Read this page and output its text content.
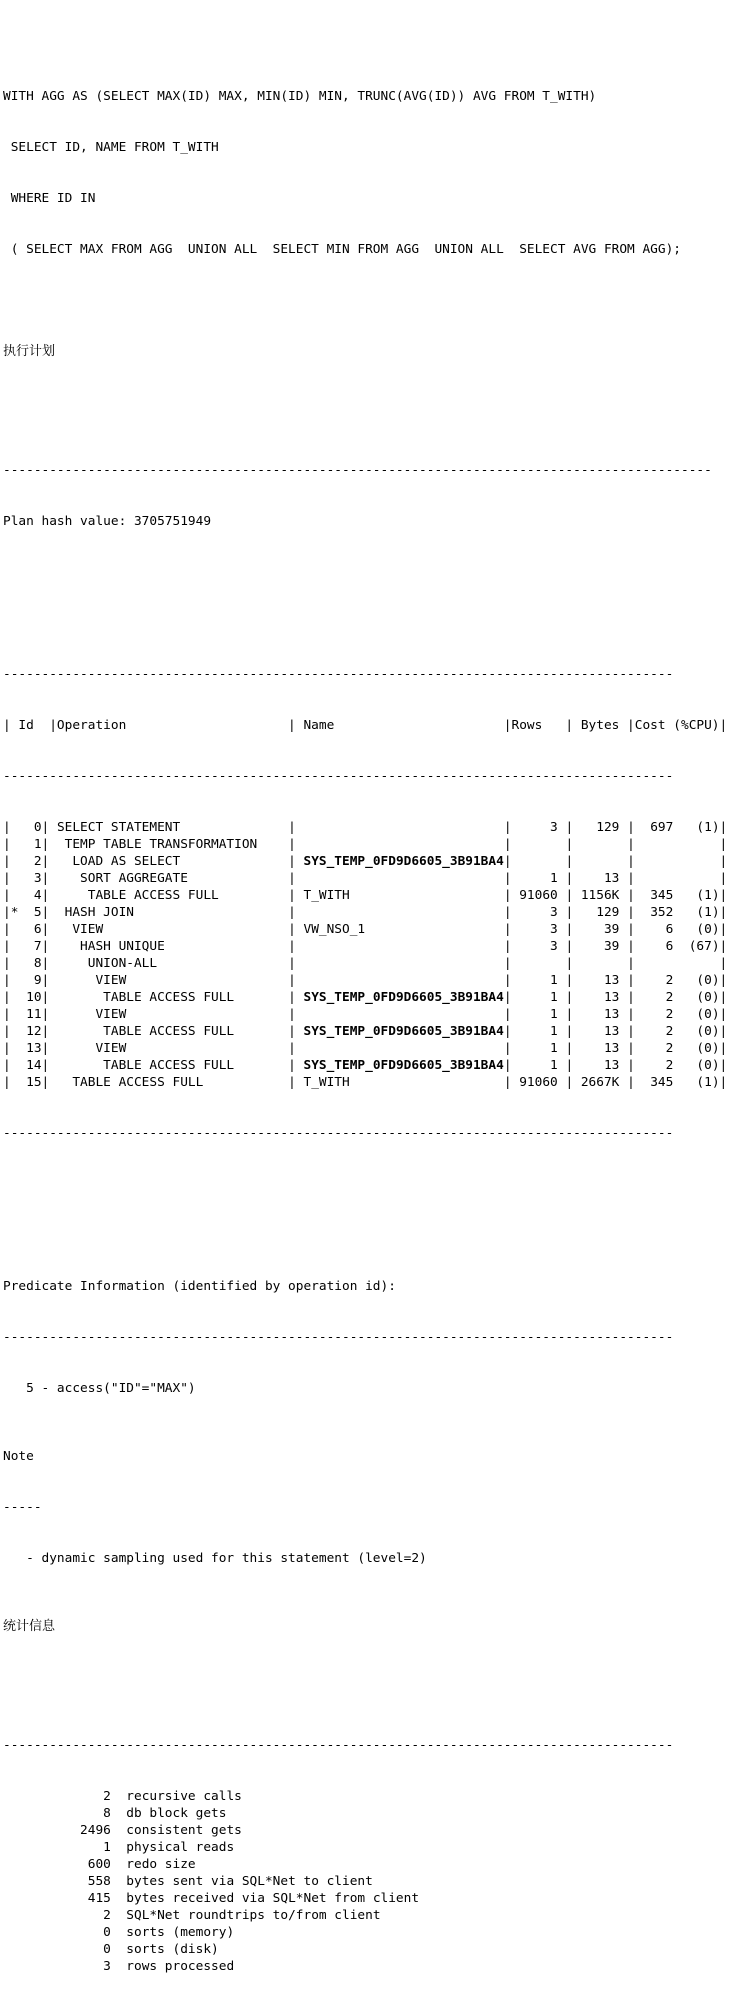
WITH AGG AS (SELECT MAX(ID) MAX, MIN(ID) MIN, TRUNC(AVG(ID)) AVG FROM T_WITH)

SELECT ID, NAME FROM T_WITH

WHERE ID IN

( SELECT MAX FROM AGG  UNION ALL  SELECT MIN FROM AGG  UNION ALL  SELECT AVG FROM AGG);

执行计划

--------------------------------------------------------------------------------------------

Plan hash value: 3705751949

---------------------------------------------------------------------------------------

| Id  |Operation                     | Name                      |Rows   | Bytes |Cost (%CPU)|

---------------------------------------------------------------------------------------

|   0| SELECT STATEMENT              |	|     3 |   129 |  697   (1)|
|   1|  TEMP TABLE TRANSFORMATION    |	|       |       |           |
|   2|   LOAD AS SELECT              | SYS_TEMP_0FD9D6605_3B91BA4|       |       |           |
|   3|    SORT AGGREGATE             |	|     1 |    13 |           |
|   4|     TABLE ACCESS FULL         | T_WITH                    | 91060 | 1156K |  345   (1)|
|*  5|  HASH JOIN                    |	|     3 |   129 |  352   (1)|
|   6|   VIEW                        | VW_NSO_1                  |     3 |    39 |    6   (0)|
|   7|    HASH UNIQUE                |	|     3 |    39 |    6  (67)|
|   8|     UNION-ALL                 |	|       |       |           |
|   9|      VIEW                     |	|     1 |    13 |    2   (0)|
|  10|       TABLE ACCESS FULL       | SYS_TEMP_0FD9D6605_3B91BA4|     1 |    13 |    2   (0)|
|  11|      VIEW                     |	|     1 |    13 |    2   (0)|
|  12|       TABLE ACCESS FULL       | SYS_TEMP_0FD9D6605_3B91BA4|     1 |    13 |    2   (0)|
|  13|      VIEW                     |	|     1 |    13 |    2   (0)|
|  14|       TABLE ACCESS FULL       | SYS_TEMP_0FD9D6605_3B91BA4|     1 |    13 |    2   (0)|
|  15|   TABLE ACCESS FULL           | T_WITH                    | 91060 | 2667K |  345   (1)|

---------------------------------------------------------------------------------------

Predicate Information (identified by operation id):

---------------------------------------------------------------------------------------

5 - access("ID"="MAX")

Note

-----

- dynamic sampling used for this statement (level=2)

统计信息

---------------------------------------------------------------------------------------

2  recursive calls
8  db block gets
2496  consistent gets
1  physical reads
600  redo size
558  bytes sent via SQL*Net to client
415  bytes received via SQL*Net from client
2  SQL*Net roundtrips to/from client
0  sorts (memory)
0  sorts (disk)
3  rows processed
